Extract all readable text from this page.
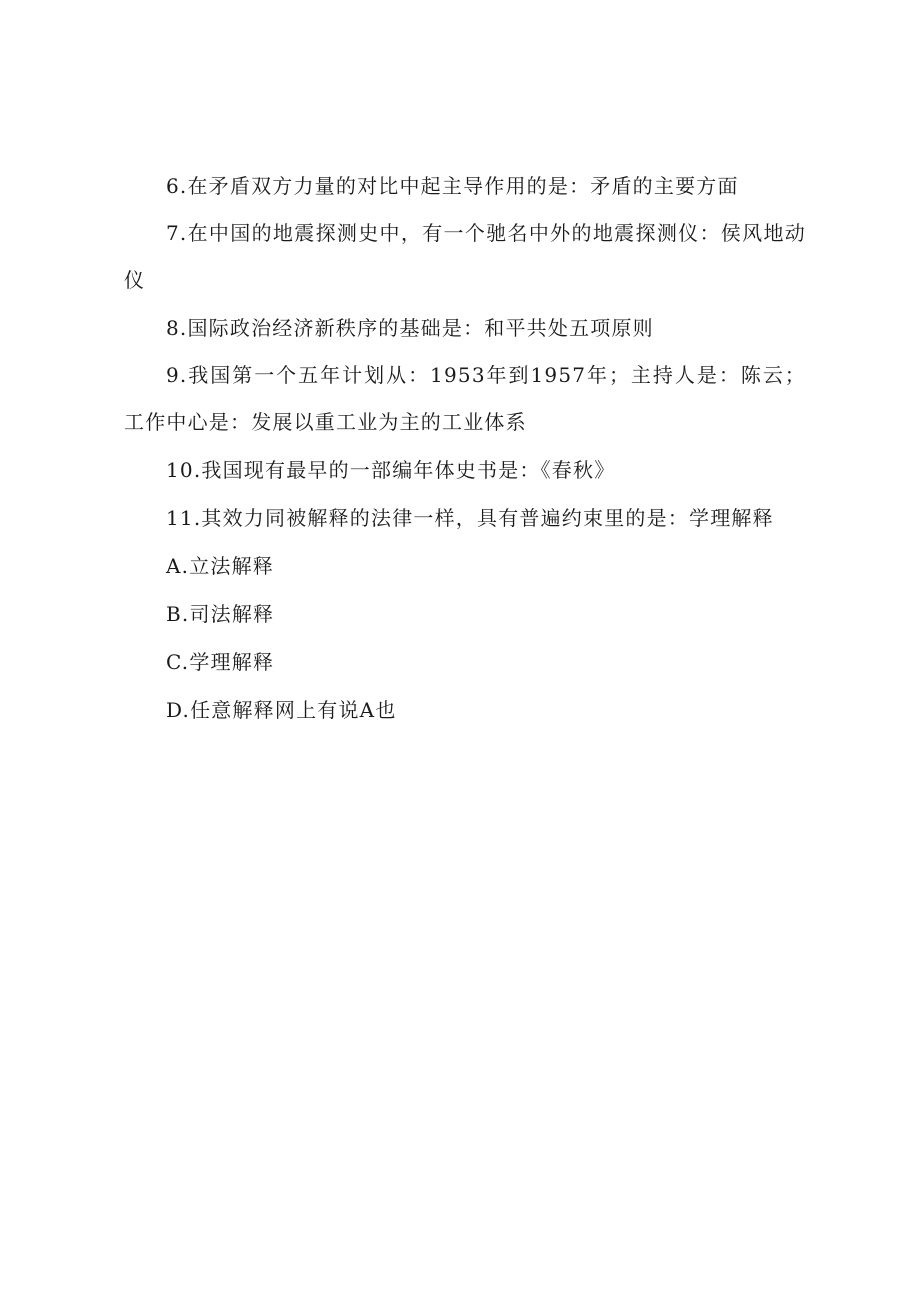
6.在矛盾双方力量的对比中起主导作用的是：矛盾的主要方面

7.在中国的地震探测史中，有一个驰名中外的地震探测仪：侯风地动仪

8.国际政治经济新秩序的基础是：和平共处五项原则

9.我国第一个五年计划从：1953年到1957年；主持人是：陈云；工作中心是：发展以重工业为主的工业体系

10.我国现有最早的一部编年体史书是：《春秋》

11.其效力同被解释的法律一样，具有普遍约束里的是：学理解释

A.立法解释

B.司法解释

C.学理解释

D.任意解释网上有说A也
